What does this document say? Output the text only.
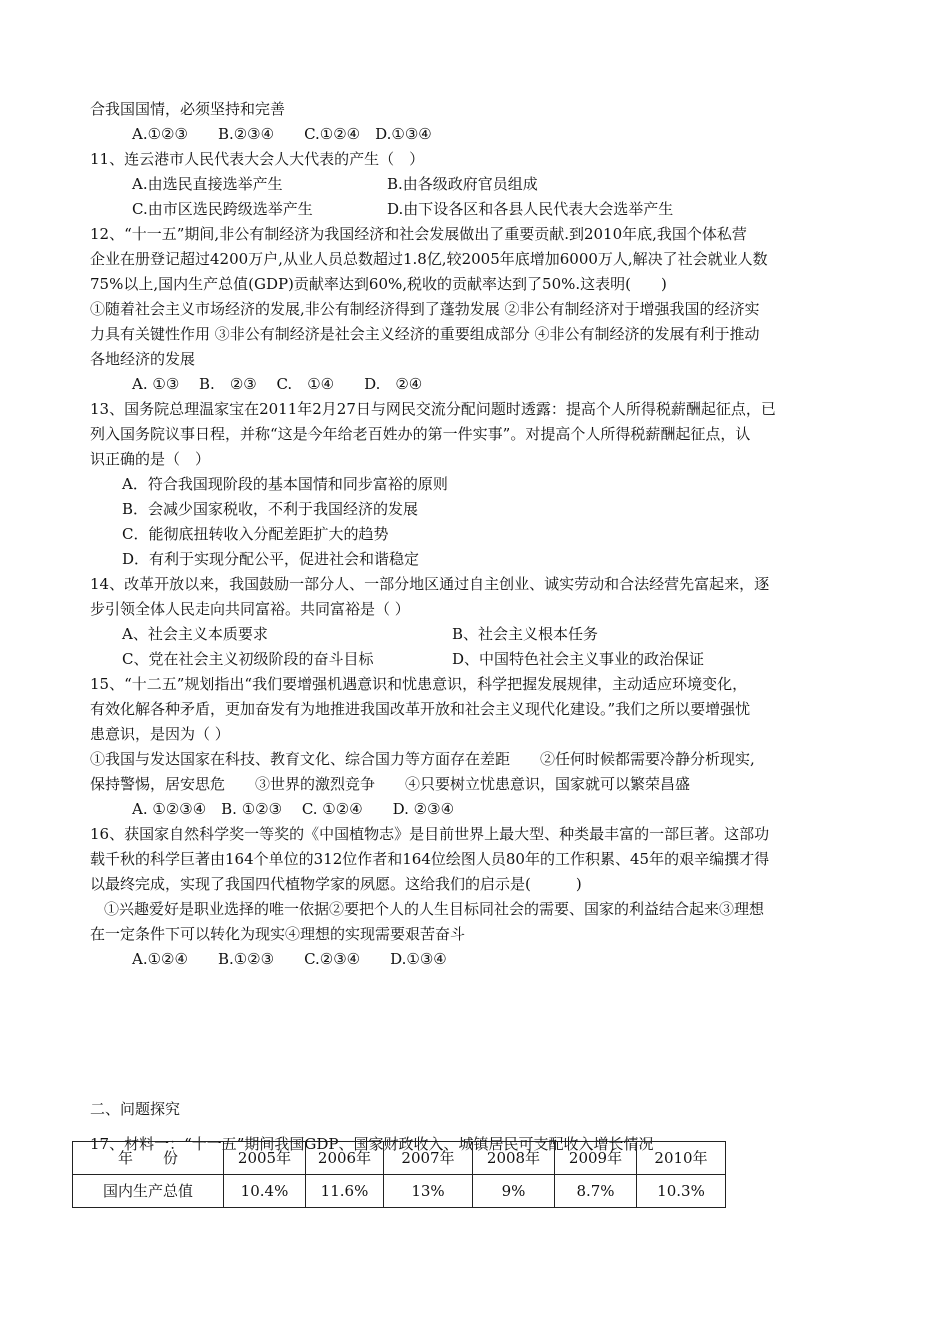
合我国国情，必须坚持和完善
A.①②③　　B.②③④　　C.①②④　D.①③④
11、连云港市人民代表大会人大代表的产生（　）
A.由选民直接选举产生	B.由各级政府官员组成
C.由市区选民跨级选举产生	D.由下设各区和各县人民代表大会选举产生
12、“十一五”期间,非公有制经济为我国经济和社会发展做出了重要贡献.到2010年底,我国个体私营
企业在册登记超过4200万户,从业人员总数超过1.8亿,较2005年底增加6000万人,解决了社会就业人数
75%以上,国内生产总值(GDP)贡献率达到60%,税收的贡献率达到了50%.这表明(　　)
①随着社会主义市场经济的发展,非公有制经济得到了蓬勃发展 ②非公有制经济对于增强我国的经济实
力具有关键性作用 ③非公有制经济是社会主义经济的重要组成部分 ④非公有制经济的发展有利于推动
各地经济的发展
A. ①③　 B.　②③　 C.　①④　　D.　②④
13、国务院总理温家宝在2011年2月27日与网民交流分配问题时透露：提高个人所得税薪酬起征点，已
列入国务院议事日程，并称“这是今年给老百姓办的第一件实事”。对提高个人所得税薪酬起征点，认
识正确的是（　）
A．符合我国现阶段的基本国情和同步富裕的原则
B．会减少国家税收，不利于我国经济的发展
C．能彻底扭转收入分配差距扩大的趋势
D．有利于实现分配公平，促进社会和谐稳定
14、改革开放以来，我国鼓励一部分人、一部分地区通过自主创业、诚实劳动和合法经营先富起来，逐
步引领全体人民走向共同富裕。共同富裕是（ ）
A、社会主义本质要求	B、社会主义根本任务
C、党在社会主义初级阶段的奋斗目标	D、中国特色社会主义事业的政治保证
15、“十二五”规划指出“我们要增强机遇意识和忧患意识，科学把握发展规律，主动适应环境变化，
有效化解各种矛盾，更加奋发有为地推进我国改革开放和社会主义现代化建设。”我们之所以要增强忧
患意识，是因为（ ）
①我国与发达国家在科技、教育文化、综合国力等方面存在差距　　②任何时候都需要冷静分析现实,
保持警惕，居安思危　　③世界的激烈竞争　　④只要树立忧患意识，国家就可以繁荣昌盛
A. ①②③④　B. ①②③　 C. ①②④　　D. ②③④
16、获国家自然科学奖一等奖的《中国植物志》是目前世界上最大型、种类最丰富的一部巨著。这部功
载千秋的科学巨著由164个单位的312位作者和164位绘图人员80年的工作积累、45年的艰辛编撰才得
以最终完成，实现了我国四代植物学家的夙愿。这给我们的启示是(　　　)
①兴趣爱好是职业选择的唯一依据②要把个人的人生目标同社会的需要、国家的利益结合起来③理想
在一定条件下可以转化为现实④理想的实现需要艰苦奋斗
A.①②④　　B.①②③　　C.②③④　　D.①③④
二、问题探究
17、材料一：“十一五”期间我国GDP、国家财政收入、城镇居民可支配收入增长情况
年　　份	2005年	2006年	2007年	2008年	2009年	2010年
国内生产总值	10.4%	11.6%	13%	9%	8.7%	10.3%
